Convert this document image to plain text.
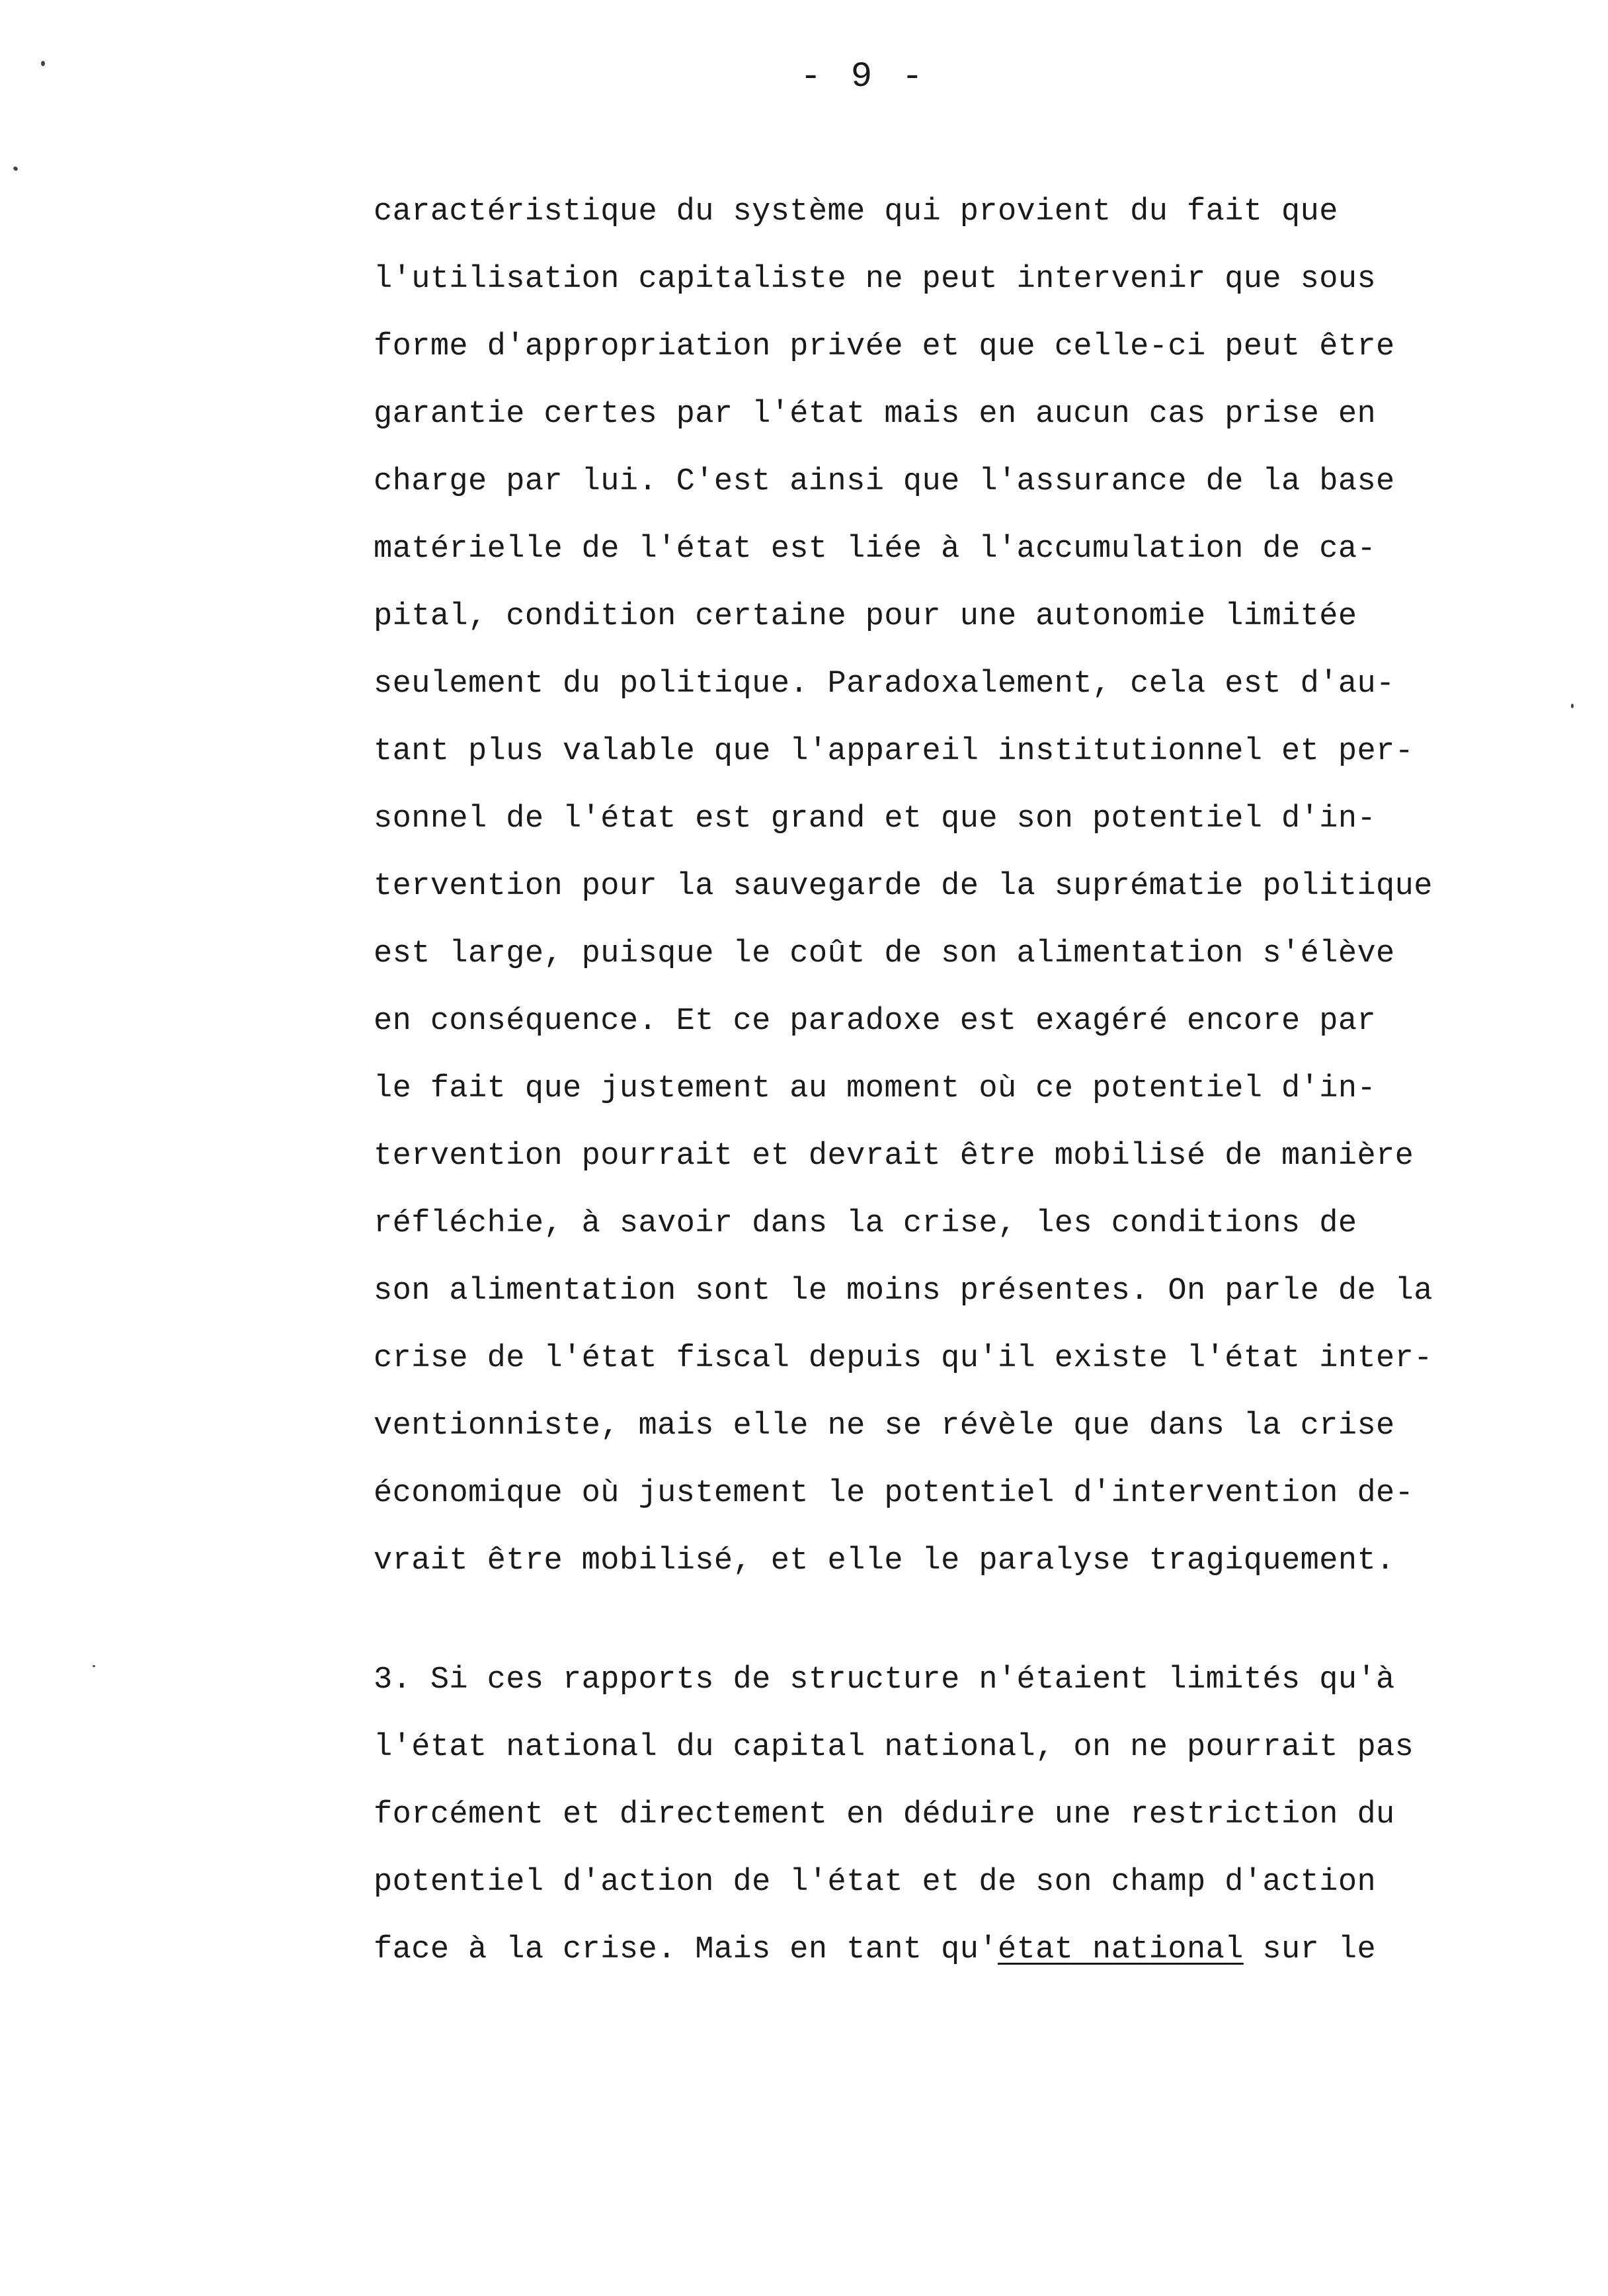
- 9 -
caractéristique du système qui provient du fait que
l'utilisation capitaliste ne peut intervenir que sous
forme d'appropriation privée et que celle-ci peut être
garantie certes par l'état mais en aucun cas prise en
charge par lui. C'est ainsi que l'assurance de la base
matérielle de l'état est liée à l'accumulation de ca-
pital, condition certaine pour une autonomie limitée
seulement du politique. Paradoxalement, cela est d'au-
tant plus valable que l'appareil institutionnel et per-
sonnel de l'état est grand et que son potentiel d'in-
tervention pour la sauvegarde de la suprématie politique
est large, puisque le coût de son alimentation s'élève
en conséquence. Et ce paradoxe est exagéré encore par
le fait que justement au moment où ce potentiel d'in-
tervention pourrait et devrait être mobilisé de manière
réfléchie, à savoir dans la crise, les conditions de
son alimentation sont le moins présentes. On parle de la
crise de l'état fiscal depuis qu'il existe l'état inter-
ventionniste, mais elle ne se révèle que dans la crise
économique où justement le potentiel d'intervention de-
vrait être mobilisé, et elle le paralyse tragiquement.
3. Si ces rapports de structure n'étaient limités qu'à
l'état national du capital national, on ne pourrait pas
forcément et directement en déduire une restriction du
potentiel d'action de l'état et de son champ d'action
face à la crise. Mais en tant qu'état national sur le
